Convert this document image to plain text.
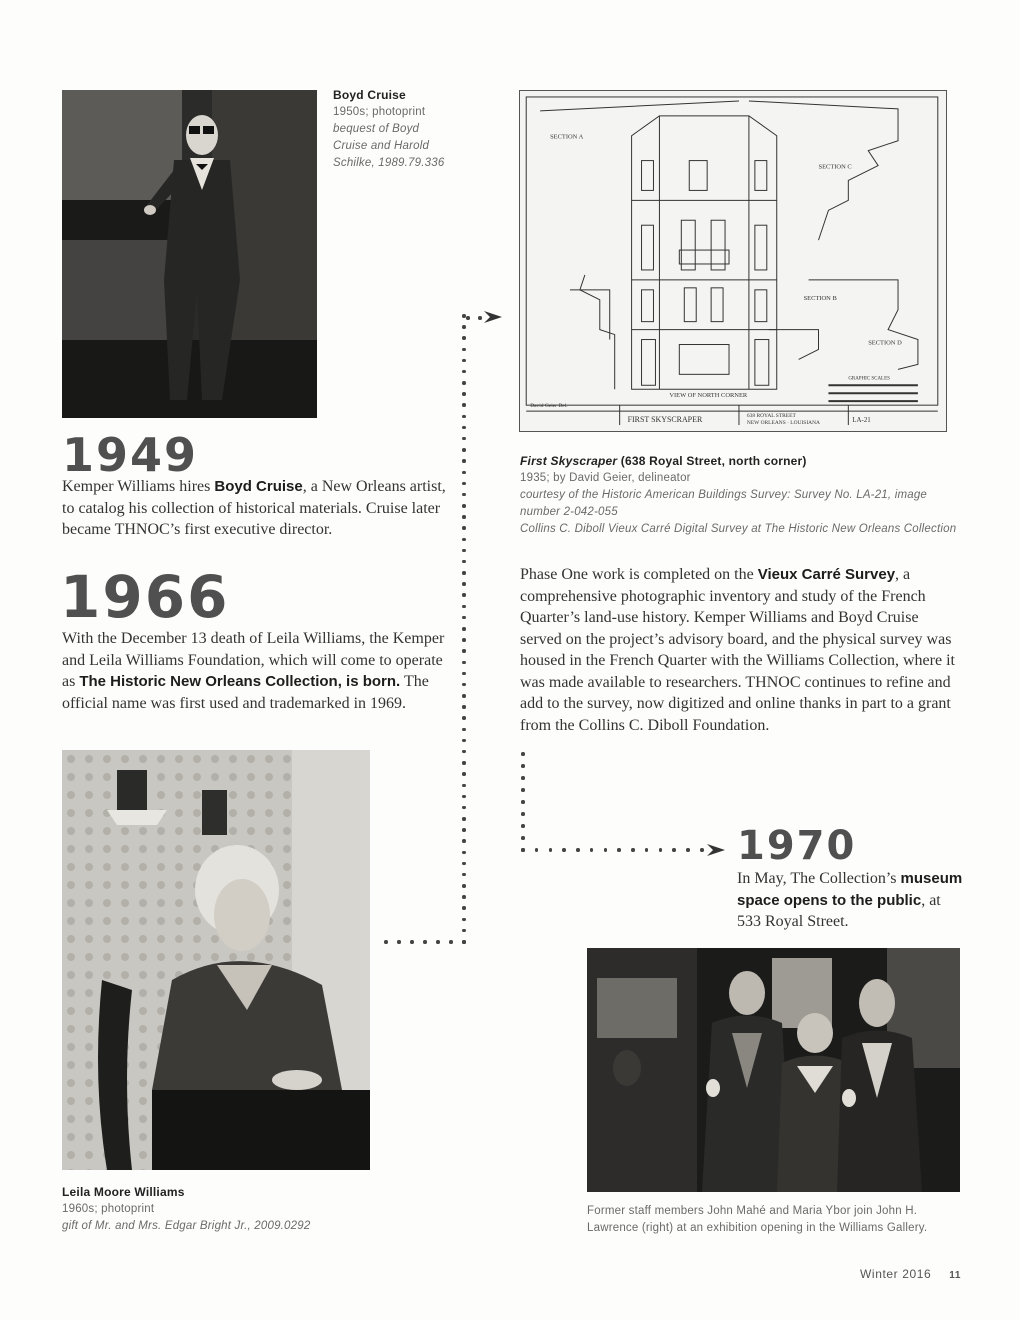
Boyd Cruise
1950s; photoprint
bequest of Boyd
Cruise and Harold
Schilke, 1989.79.336
1949
Kemper Williams hires Boyd Cruise, a New Orleans artist, to catalog his collection of historical materials. Cruise later became THNOC’s first executive director.
1966
With the December 13 death of Leila Williams, the Kemper and Leila Williams Foundation, which will come to operate as The Historic New Orleans Collection, is born. The official name was first used and trademarked in 1969.
Leila Moore Williams
1960s; photoprint
gift of Mr. and Mrs. Edgar Bright Jr., 2009.0292
SECTION A
SECTION C
SECTION B
SECTION D
VIEW OF NORTH CORNER
GRAPHIC SCALES
David Geier Del.
FIRST SKYSCRAPER	638 ROYAL STREET
NEW ORLEANS · LOUISIANA	LA-21
First Skyscraper (638 Royal Street, north corner)
1935; by David Geier, delineator
courtesy of the Historic American Buildings Survey: Survey No. LA-21, image number 2-042-055
Collins C. Diboll Vieux Carré Digital Survey at The Historic New Orleans Collection
Phase One work is completed on the Vieux Carré Survey, a comprehensive photographic inventory and study of the French Quarter’s land-use history. Kemper Williams and Boyd Cruise served on the project’s advisory board, and the physical survey was housed in the French Quarter with the Williams Collection, where it was made available to researchers. THNOC continues to refine and add to the survey, now digitized and online thanks in part to a grant from the Collins C. Diboll Foundation.
1970
In May, The Collection’s museum space opens to the public, at 533 Royal Street.
Former staff members John Mahé and Maria Ybor join John H.
Lawrence (right) at an exhibition opening in the Williams Gallery.
Winter 2016 11
